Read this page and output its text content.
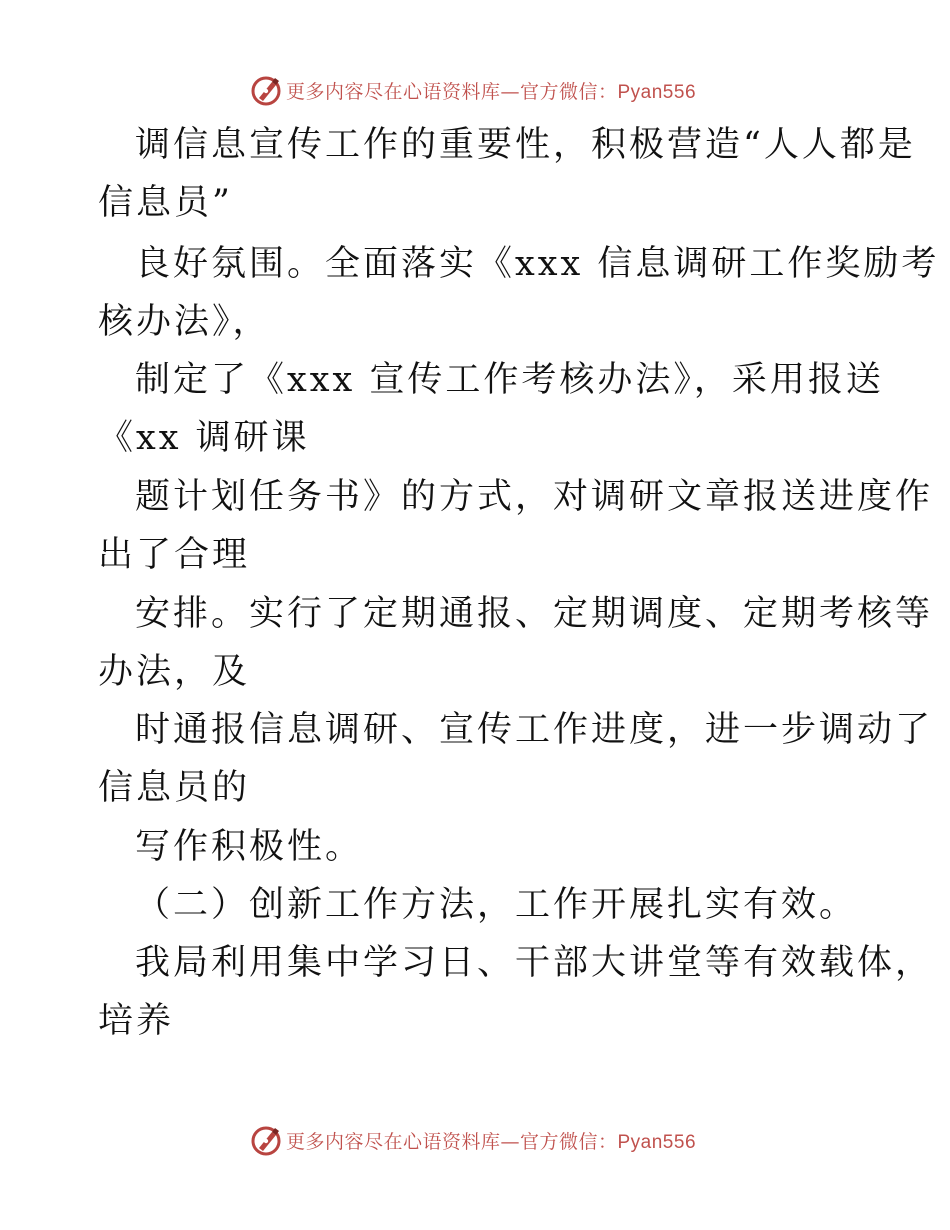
更多内容尽在心语资料库—官方微信：Pyan556
调信息宣传工作的重要性，积极营造“人人都是
信息员”
良好氛围。全面落实《xxx 信息调研工作奖励考
核办法》，
制定了《xxx 宣传工作考核办法》，采用报送
《xx 调研课
题计划任务书》的方式，对调研文章报送进度作
出了合理
安排。实行了定期通报、定期调度、定期考核等
办法，及
时通报信息调研、宣传工作进度，进一步调动了
信息员的
写作积极性。
（二）创新工作方法，工作开展扎实有效。
我局利用集中学习日、干部大讲堂等有效载体，
培养
更多内容尽在心语资料库—官方微信：Pyan556
